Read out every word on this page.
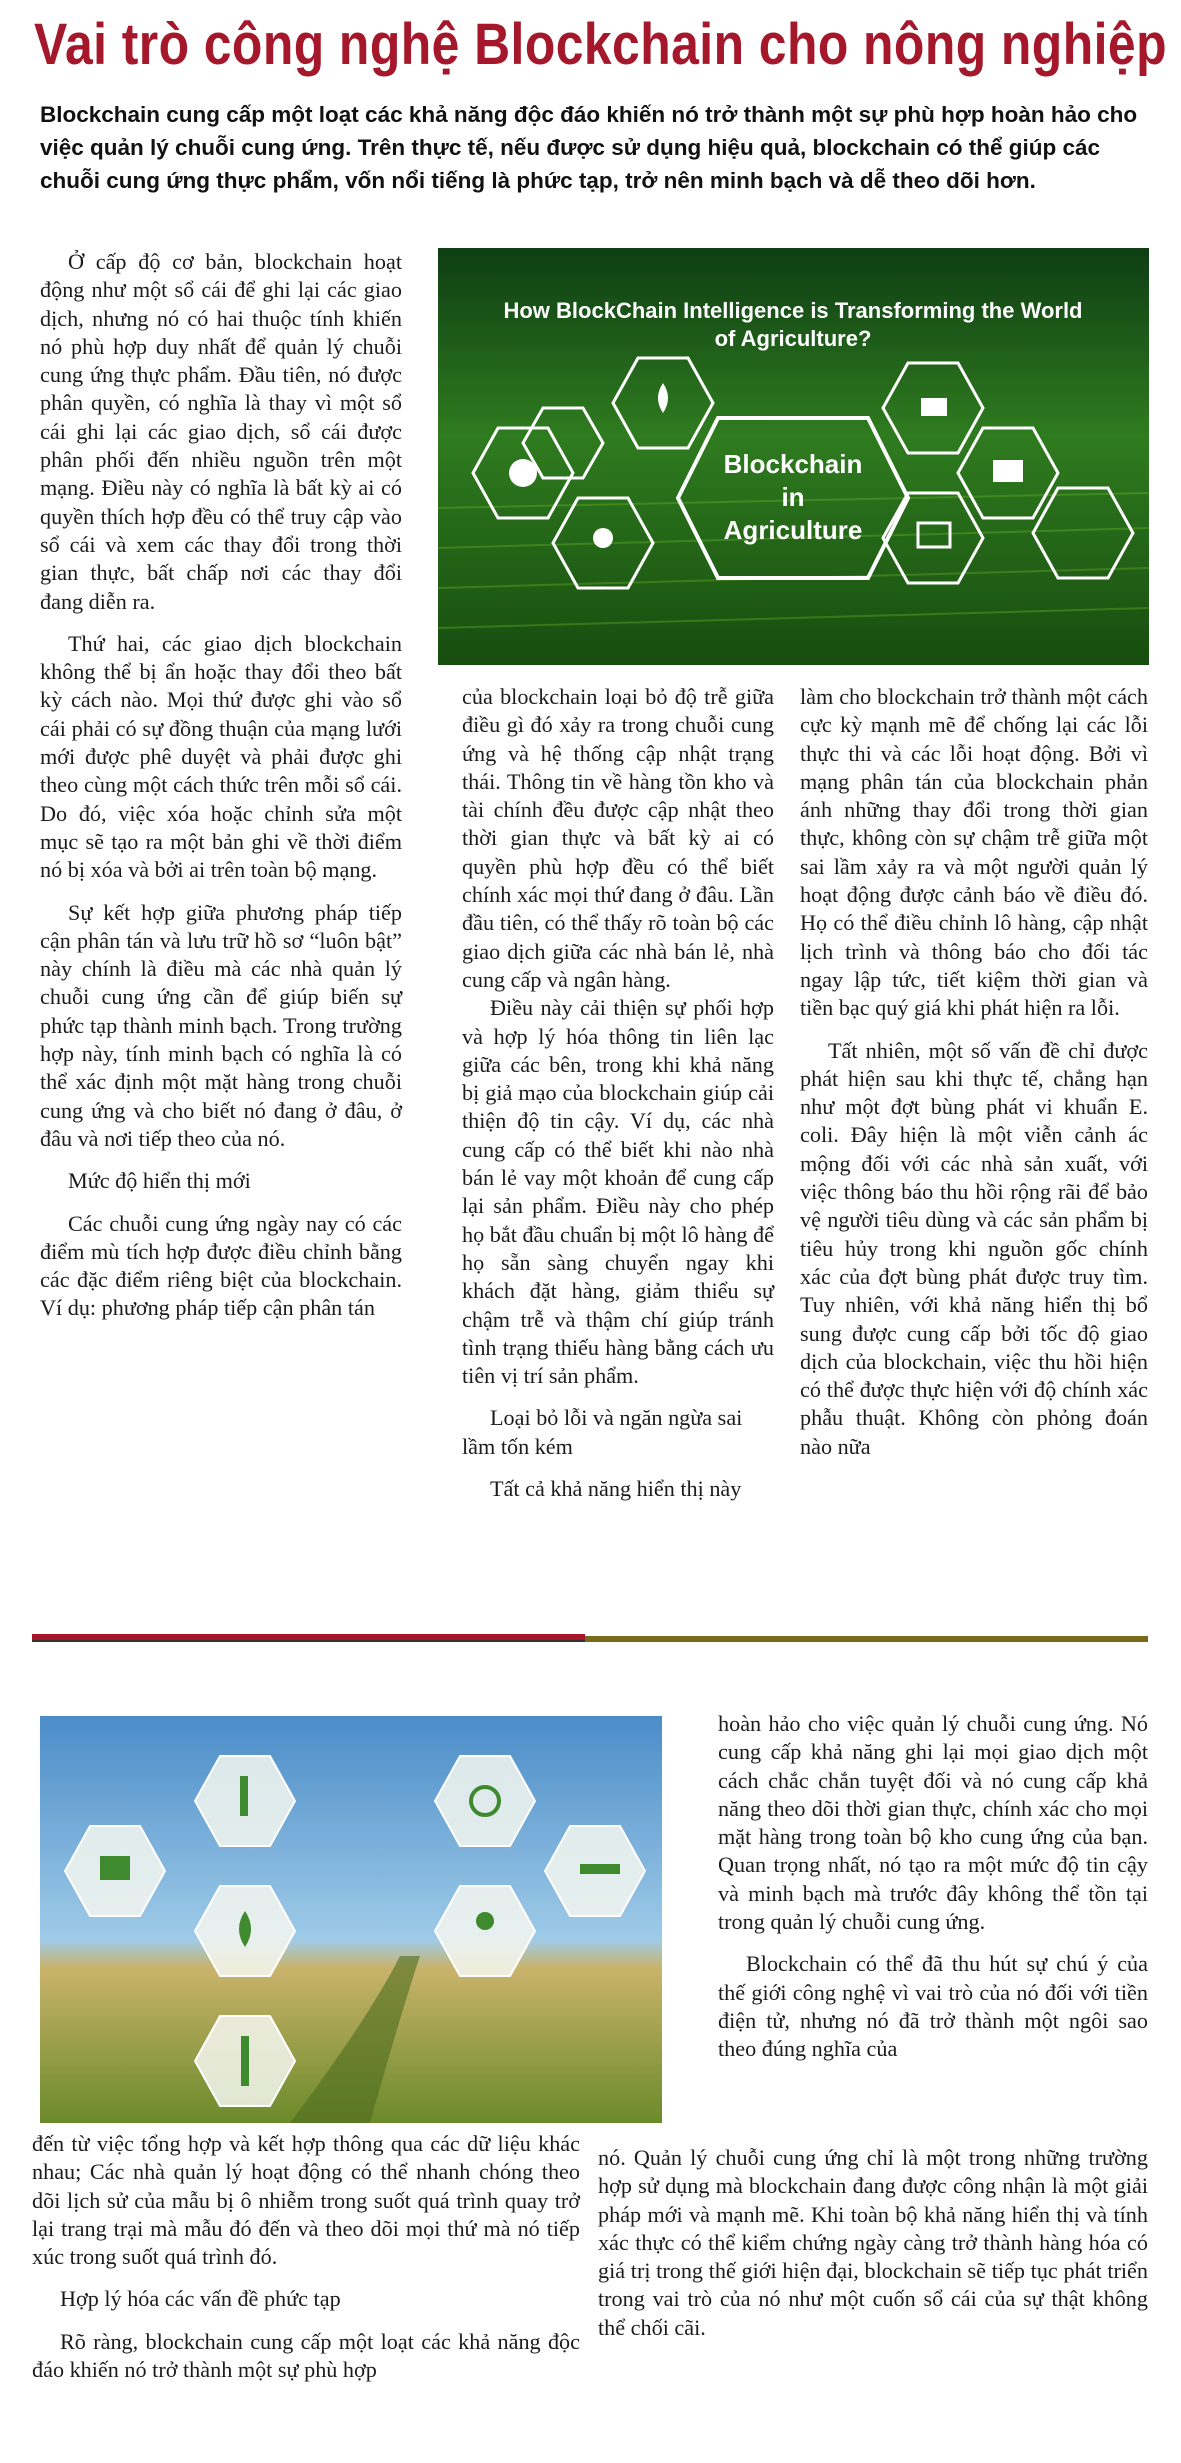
Vai trò công nghệ Blockchain cho nông nghiệp

Blockchain cung cấp một loạt các khả năng độc đáo khiến nó trở thành một sự phù hợp hoàn hảo cho việc quản lý chuỗi cung ứng. Trên thực tế, nếu được sử dụng hiệu quả, blockchain có thể giúp các chuỗi cung ứng thực phẩm, vốn nổi tiếng là phức tạp, trở nên minh bạch và dễ theo dõi hơn.

How BlockChain Intelligence is Transforming the World
of Agriculture?
Blockchain
in
Agriculture

Ở cấp độ cơ bản, blockchain hoạt động như một sổ cái để ghi lại các giao dịch, nhưng nó có hai thuộc tính khiến nó phù hợp duy nhất để quản lý chuỗi cung ứng thực phẩm. Đầu tiên, nó được phân quyền, có nghĩa là thay vì một sổ cái ghi lại các giao dịch, sổ cái được phân phối đến nhiều nguồn trên một mạng. Điều này có nghĩa là bất kỳ ai có quyền thích hợp đều có thể truy cập vào sổ cái và xem các thay đổi trong thời gian thực, bất chấp nơi các thay đổi đang diễn ra.

Thứ hai, các giao dịch blockchain không thể bị ẩn hoặc thay đổi theo bất kỳ cách nào. Mọi thứ được ghi vào sổ cái phải có sự đồng thuận của mạng lưới mới được phê duyệt và phải được ghi theo cùng một cách thức trên mỗi sổ cái. Do đó, việc xóa hoặc chỉnh sửa một mục sẽ tạo ra một bản ghi về thời điểm nó bị xóa và bởi ai trên toàn bộ mạng.

Sự kết hợp giữa phương pháp tiếp cận phân tán và lưu trữ hồ sơ “luôn bật” này chính là điều mà các nhà quản lý chuỗi cung ứng cần để giúp biến sự phức tạp thành minh bạch. Trong trường hợp này, tính minh bạch có nghĩa là có thể xác định một mặt hàng trong chuỗi cung ứng và cho biết nó đang ở đâu, ở đâu và nơi tiếp theo của nó.

Mức độ hiển thị mới

Các chuỗi cung ứng ngày nay có các điểm mù tích hợp được điều chỉnh bằng các đặc điểm riêng biệt của blockchain. Ví dụ: phương pháp tiếp cận phân tán

của blockchain loại bỏ độ trễ giữa điều gì đó xảy ra trong chuỗi cung ứng và hệ thống cập nhật trạng thái. Thông tin về hàng tồn kho và tài chính đều được cập nhật theo thời gian thực và bất kỳ ai có quyền phù hợp đều có thể biết chính xác mọi thứ đang ở đâu. Lần đầu tiên, có thể thấy rõ toàn bộ các giao dịch giữa các nhà bán lẻ, nhà cung cấp và ngân hàng.

Điều này cải thiện sự phối hợp và hợp lý hóa thông tin liên lạc giữa các bên, trong khi khả năng bị giả mạo của blockchain giúp cải thiện độ tin cậy. Ví dụ, các nhà cung cấp có thể biết khi nào nhà bán lẻ vay một khoản để cung cấp lại sản phẩm. Điều này cho phép họ bắt đầu chuẩn bị một lô hàng để họ sẵn sàng chuyển ngay khi khách đặt hàng, giảm thiểu sự chậm trễ và thậm chí giúp tránh tình trạng thiếu hàng bằng cách ưu tiên vị trí sản phẩm.

Loại bỏ lỗi và ngăn ngừa sai lầm tốn kém

Tất cả khả năng hiển thị này

làm cho blockchain trở thành một cách cực kỳ mạnh mẽ để chống lại các lỗi thực thi và các lỗi hoạt động. Bởi vì mạng phân tán của blockchain phản ánh những thay đổi trong thời gian thực, không còn sự chậm trễ giữa một sai lầm xảy ra và một người quản lý hoạt động được cảnh báo về điều đó. Họ có thể điều chỉnh lô hàng, cập nhật lịch trình và thông báo cho đối tác ngay lập tức, tiết kiệm thời gian và tiền bạc quý giá khi phát hiện ra lỗi.

Tất nhiên, một số vấn đề chỉ được phát hiện sau khi thực tế, chẳng hạn như một đợt bùng phát vi khuẩn E. coli. Đây hiện là một viễn cảnh ác mộng đối với các nhà sản xuất, với việc thông báo thu hồi rộng rãi để bảo vệ người tiêu dùng và các sản phẩm bị tiêu hủy trong khi nguồn gốc chính xác của đợt bùng phát được truy tìm. Tuy nhiên, với khả năng hiển thị bổ sung được cung cấp bởi tốc độ giao dịch của blockchain, việc thu hồi hiện có thể được thực hiện với độ chính xác phẫu thuật. Không còn phỏng đoán nào nữa

hoàn hảo cho việc quản lý chuỗi cung ứng. Nó cung cấp khả năng ghi lại mọi giao dịch một cách chắc chắn tuyệt đối và nó cung cấp khả năng theo dõi thời gian thực, chính xác cho mọi mặt hàng trong toàn bộ kho cung ứng của bạn. Quan trọng nhất, nó tạo ra một mức độ tin cậy và minh bạch mà trước đây không thể tồn tại trong quản lý chuỗi cung ứng.

Blockchain có thể đã thu hút sự chú ý của thế giới công nghệ vì vai trò của nó đối với tiền điện tử, nhưng nó đã trở thành một ngôi sao theo đúng nghĩa của

đến từ việc tổng hợp và kết hợp thông qua các dữ liệu khác nhau; Các nhà quản lý hoạt động có thể nhanh chóng theo dõi lịch sử của mẫu bị ô nhiễm trong suốt quá trình quay trở lại trang trại mà mẫu đó đến và theo dõi mọi thứ mà nó tiếp xúc trong suốt quá trình đó.

Hợp lý hóa các vấn đề phức tạp

Rõ ràng, blockchain cung cấp một loạt các khả năng độc đáo khiến nó trở thành một sự phù hợp

nó. Quản lý chuỗi cung ứng chỉ là một trong những trường hợp sử dụng mà blockchain đang được công nhận là một giải pháp mới và mạnh mẽ. Khi toàn bộ khả năng hiển thị và tính xác thực có thể kiểm chứng ngày càng trở thành hàng hóa có giá trị trong thế giới hiện đại, blockchain sẽ tiếp tục phát triển trong vai trò của nó như một cuốn sổ cái của sự thật không thể chối cãi.
